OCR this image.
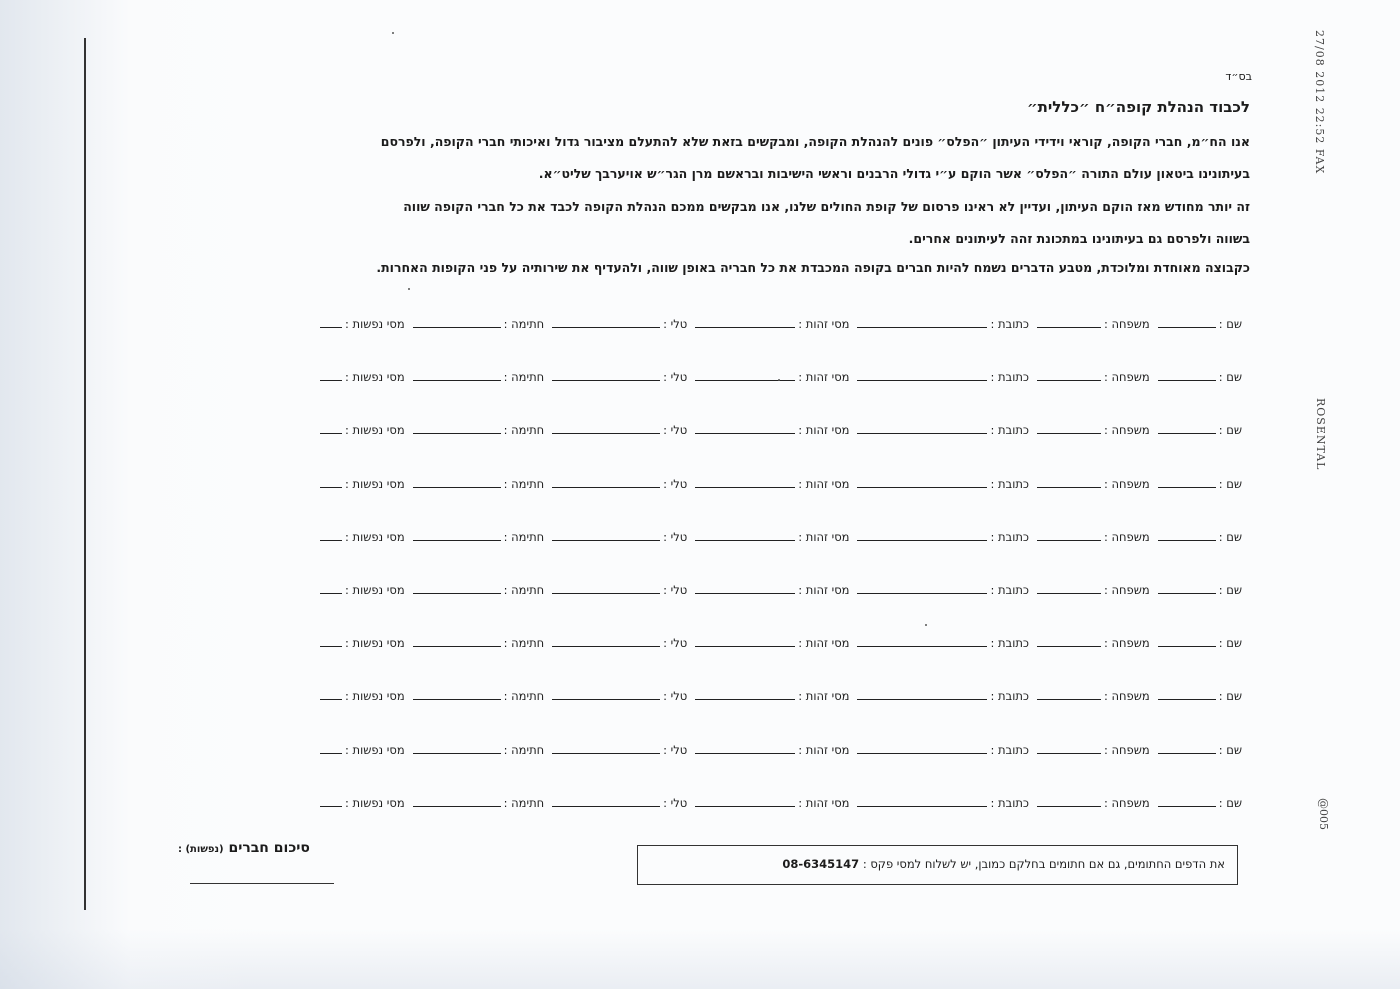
27/08 2012 22:52 FAX
ROSENTAL
@005
בס״ד
לכבוד הנהלת קופה״ח ״כללית״
אנו הח״מ, חברי הקופה, קוראי וידידי העיתון ״הפלס״ פונים להנהלת הקופה, ומבקשים בזאת שלא להתעלם מציבור גדול ואיכותי חברי הקופה, ולפרסם
בעיתונינו ביטאון עולם התורה ״הפלס״ אשר הוקם ע״י גדולי הרבנים וראשי הישיבות ובראשם מרן הגר״ש אויערבך שליט״א.
זה יותר מחודש מאז הוקם העיתון, ועדיין לא ראינו פרסום של קופת החולים שלנו, אנו מבקשים ממכם הנהלת הקופה לכבד את כל חברי הקופה שווה
בשווה ולפרסם גם בעיתונינו במתכונת זהה לעיתונים אחרים.
כקבוצה מאוחדת ומלוכדת, מטבע הדברים נשמח להיות חברים בקופה המכבדת את כל חבריה באופן שווה, ולהעדיף את שירותיה על פני הקופות האחרות.
שם :
משפחה :
כתובת :
מסי זהות :
טלי :
חתימה :
מסי נפשות :
שם :
משפחה :
כתובת :
מסי זהות :
טלי :
חתימה :
מסי נפשות :
שם :
משפחה :
כתובת :
מסי זהות :
טלי :
חתימה :
מסי נפשות :
שם :
משפחה :
כתובת :
מסי זהות :
טלי :
חתימה :
מסי נפשות :
שם :
משפחה :
כתובת :
מסי זהות :
טלי :
חתימה :
מסי נפשות :
שם :
משפחה :
כתובת :
מסי זהות :
טלי :
חתימה :
מסי נפשות :
שם :
משפחה :
כתובת :
מסי זהות :
טלי :
חתימה :
מסי נפשות :
שם :
משפחה :
כתובת :
מסי זהות :
טלי :
חתימה :
מסי נפשות :
שם :
משפחה :
כתובת :
מסי זהות :
טלי :
חתימה :
מסי נפשות :
שם :
משפחה :
כתובת :
מסי זהות :
טלי :
חתימה :
מסי נפשות :
סיכום חברים (נפשות) :
את הדפים החתומים, גם אם חתומים בחלקם כמובן, יש לשלוח למסי פקס : 08-6345147
